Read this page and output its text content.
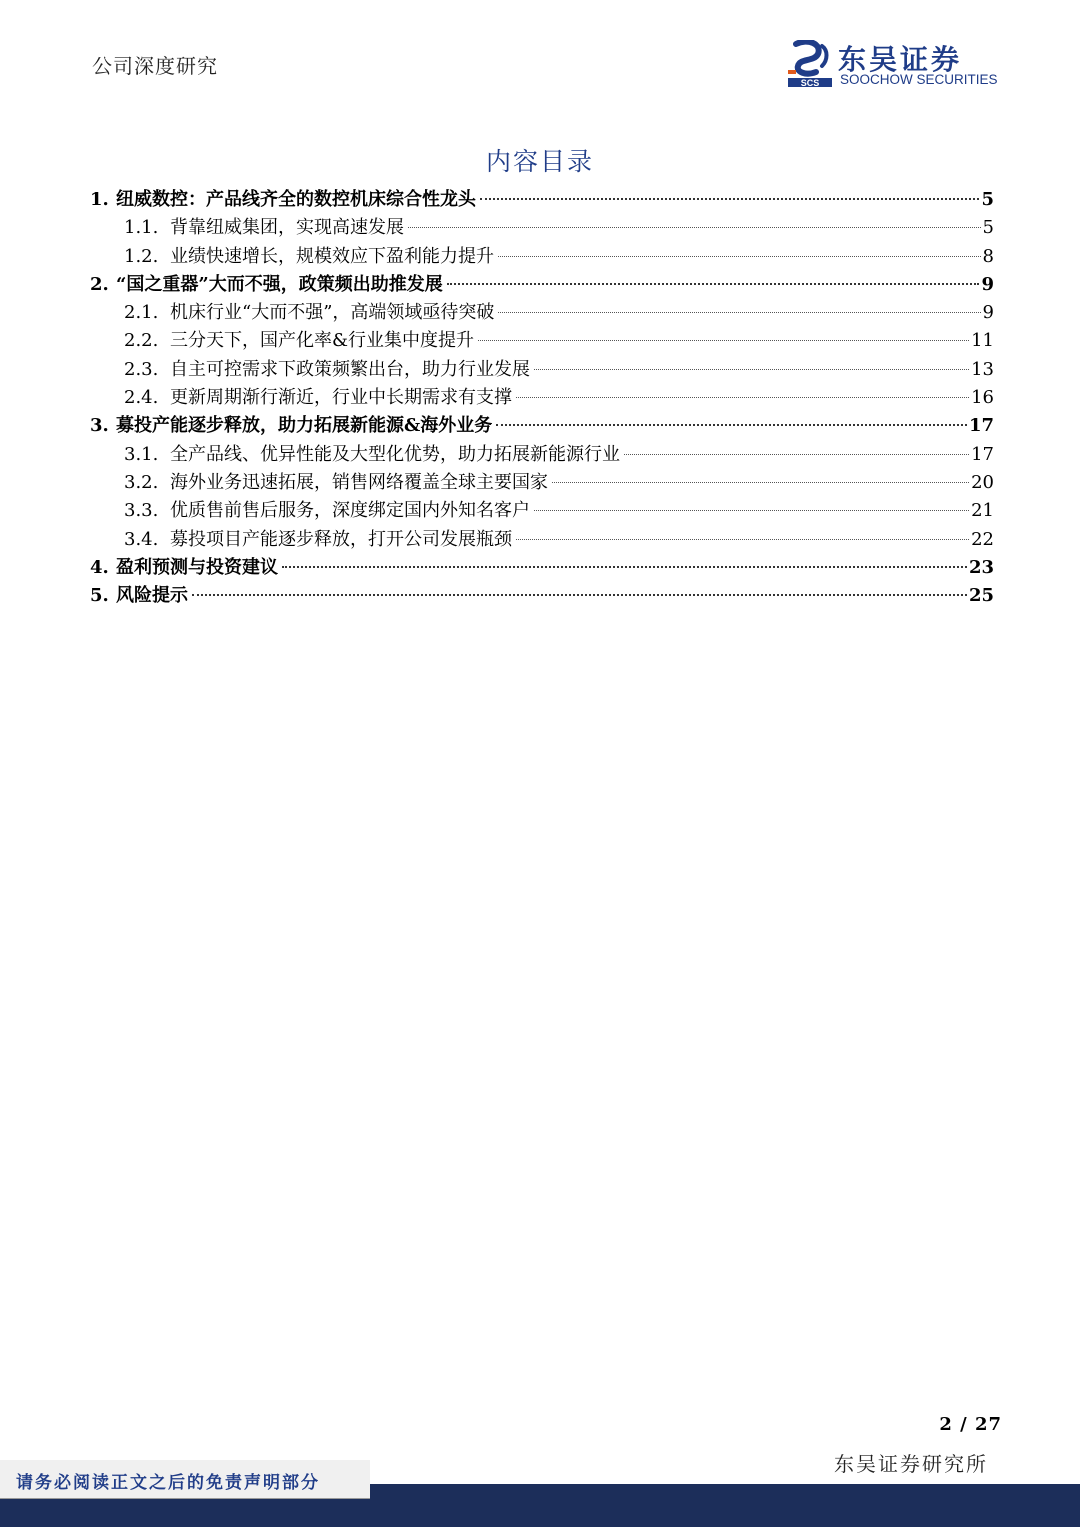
公司深度研究
SCS
东吴证券
SOOCHOW SECURITIES
内容目录
1. 纽威数控：产品线齐全的数控机床综合性龙头	5
1.1. 背靠纽威集团，实现高速发展	5
1.2. 业绩快速增长，规模效应下盈利能力提升	8
2. “国之重器”大而不强，政策频出助推发展	9
2.1. 机床行业“大而不强”，高端领域亟待突破	9
2.2. 三分天下，国产化率&行业集中度提升	11
2.3. 自主可控需求下政策频繁出台，助力行业发展	13
2.4. 更新周期渐行渐近，行业中长期需求有支撑	16
3. 募投产能逐步释放，助力拓展新能源&海外业务	17
3.1. 全产品线、优异性能及大型化优势，助力拓展新能源行业	17
3.2. 海外业务迅速拓展，销售网络覆盖全球主要国家	20
3.3. 优质售前售后服务，深度绑定国内外知名客户	21
3.4. 募投项目产能逐步释放，打开公司发展瓶颈	22
4. 盈利预测与投资建议	23
5. 风险提示	25
2 / 27
东吴证券研究所
请务必阅读正文之后的免责声明部分
